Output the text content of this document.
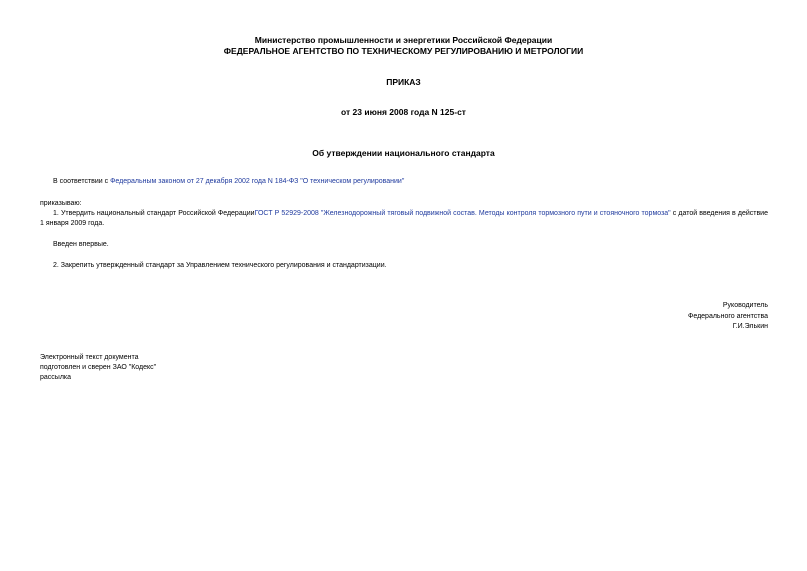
Министерство промышленности и энергетики Российской Федерации
ФЕДЕРАЛЬНОЕ АГЕНТСТВО ПО ТЕХНИЧЕСКОМУ РЕГУЛИРОВАНИЮ И МЕТРОЛОГИИ
ПРИКАЗ
от 23 июня 2008 года N 125-ст
Об утверждении национального стандарта
В соответствии с Федеральным законом от 27 декабря 2002 года N 184-ФЗ "О техническом регулировании"
приказываю:
1. Утвердить национальный стандарт Российской ФедерацииГОСТ Р 52929-2008 "Железнодорожный тяговый подвижной состав. Методы контроля тормозного пути и стояночного тормоза" с датой введения в действие 1 января 2009 года.
Введен впервые.
2. Закрепить утвержденный стандарт за Управлением технического регулирования и стандартизации.
Руководитель
Федерального агентства
Г.И.Элькин
Электронный текст документа
подготовлен и сверен ЗАО "Кодекс"
рассылка
